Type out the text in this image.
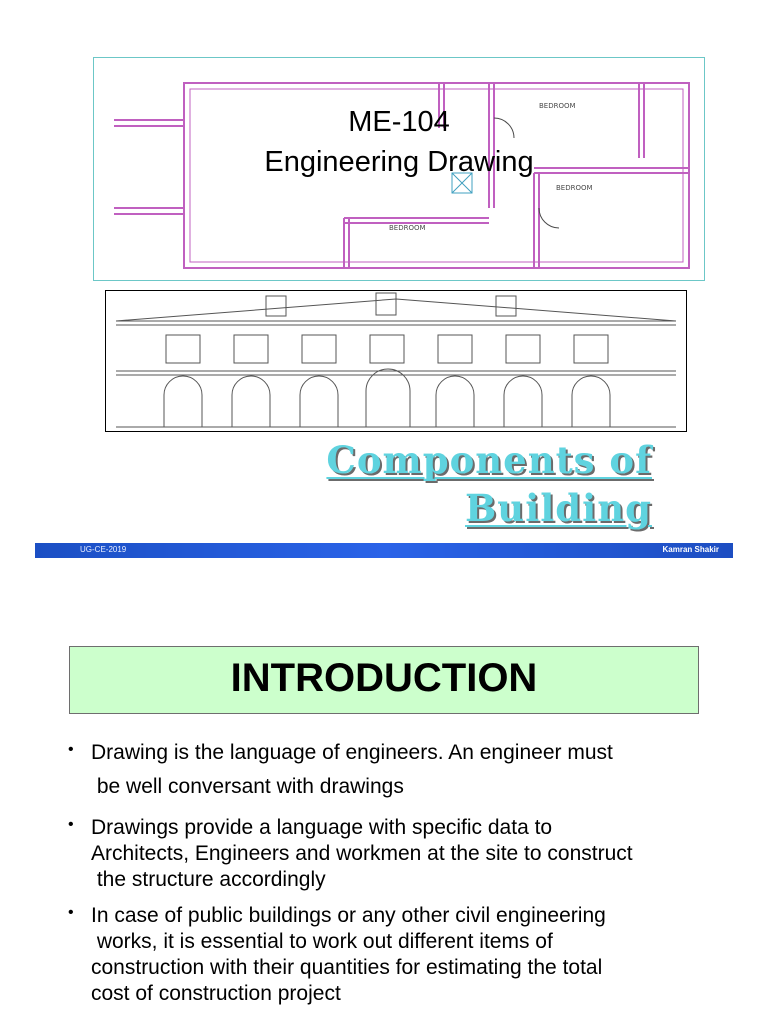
BEDROOM
BEDROOM
BEDROOM
ME-104
Engineering Drawing
Components of
Building
UG-CE-2019	Kamran Shakir
INTRODUCTION
• Drawing is the language of engineers. An engineer must
be well conversant with drawings
• Drawings provide a language with specific data to
Architects, Engineers and workmen at the site to construct
the structure accordingly
• In case of public buildings or any other civil engineering
works, it is essential to work out different items of
construction with their quantities for estimating the total
cost of construction project
